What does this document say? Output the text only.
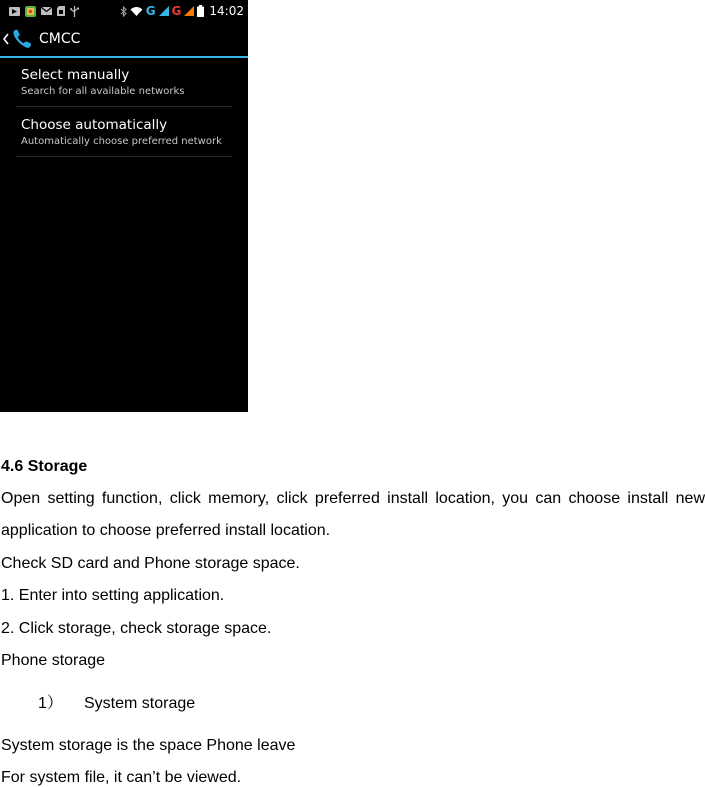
G G 14:02
CMCC
Select manually
Search for all available networks
Choose automatically
Automatically choose preferred network
4.6 Storage
Open setting function, click memory, click preferred install location, you can choose install new
application to choose preferred install location.
Check SD card and Phone storage space.
1. Enter into setting application.
2. Click storage, check storage space.
Phone storage
1） System storage
System storage is the space Phone leave
For system file, it can’t be viewed.
